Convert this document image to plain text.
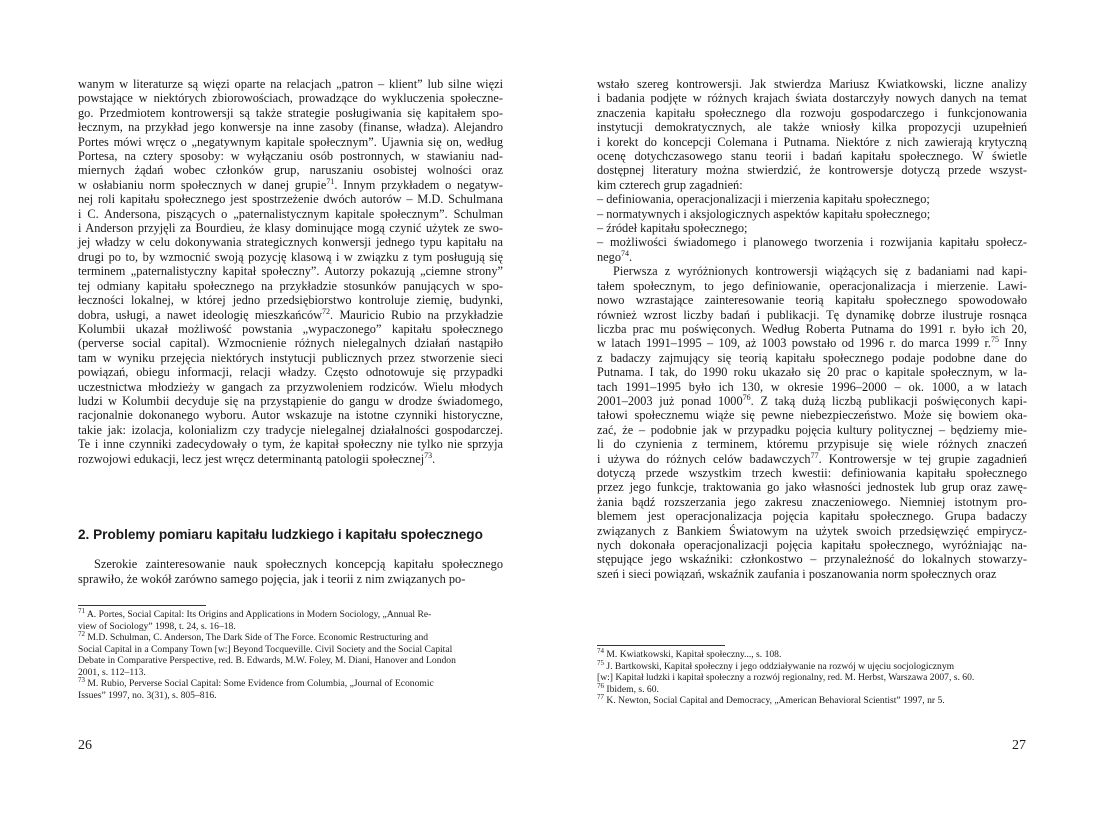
wanym w literaturze są więzi oparte na relacjach „patron – klient” lub silne więzi
powstające w niektórych zbiorowościach, prowadzące do wykluczenia społeczne-
go. Przedmiotem kontrowersji są także strategie posługiwania się kapitałem spo-
łecznym, na przykład jego konwersje na inne zasoby (finanse, władza). Alejandro
Portes mówi wręcz o „negatywnym kapitale społecznym”. Ujawnia się on, według
Portesa, na cztery sposoby: w wyłączaniu osób postronnych, w stawianiu nad-
miernych żądań wobec członków grup, naruszaniu osobistej wolności oraz
w osłabianiu norm społecznych w danej grupie$^{71}$. Innym przykładem o negatyw-
nej roli kapitału społecznego jest spostrzeżenie dwóch autorów – M.D. Schulmana
i C. Andersona, piszących o „paternalistycznym kapitale społecznym”. Schulman
i Anderson przyjęli za Bourdieu, że klasy dominujące mogą czynić użytek ze swo-
jej władzy w celu dokonywania strategicznych konwersji jednego typu kapitału na
drugi po to, by wzmocnić swoją pozycję klasową i w związku z tym posługują się
terminem „paternalistyczny kapitał społeczny”. Autorzy pokazują „ciemne strony”
tej odmiany kapitału społecznego na przykładzie stosunków panujących w spo-
łeczności lokalnej, w której jedno przedsiębiorstwo kontroluje ziemię, budynki,
dobra, usługi, a nawet ideologię mieszkańców$^{72}$. Mauricio Rubio na przykładzie
Kolumbii ukazał możliwość powstania „wypaczonego” kapitału społecznego
(perverse social capital). Wzmocnienie różnych nielegalnych działań nastąpiło
tam w wyniku przejęcia niektórych instytucji publicznych przez stworzenie sieci
powiązań, obiegu informacji, relacji władzy. Często odnotowuje się przypadki
uczestnictwa młodzieży w gangach za przyzwoleniem rodziców. Wielu młodych
ludzi w Kolumbii decyduje się na przystąpienie do gangu w drodze świadomego,
racjonalnie dokonanego wyboru. Autor wskazuje na istotne czynniki historyczne,
takie jak: izolacja, kolonializm czy tradycje nielegalnej działalności gospodarczej.
Te i inne czynniki zadecydowały o tym, że kapitał społeczny nie tylko nie sprzyja
rozwojowi edukacji, lecz jest wręcz determinantą patologii społecznej$^{73}$.
2. Problemy pomiaru kapitału ludzkiego i kapitału społecznego
Szerokie zainteresowanie nauk społecznych koncepcją kapitału społecznego
sprawiło, że wokół zarówno samego pojęcia, jak i teorii z nim związanych po-
$^{71}$ A. Portes, Social Capital: Its Origins and Applications in Modern Sociology, „Annual Re-
view of Sociology” 1998, t. 24, s. 16–18.
$^{72}$ M.D. Schulman, C. Anderson, The Dark Side of The Force. Economic Restructuring and
Social Capital in a Company Town [w:] Beyond Tocqueville. Civil Society and the Social Capital
Debate in Comparative Perspective, red. B. Edwards, M.W. Foley, M. Diani, Hanover and London
2001, s. 112–113.
$^{73}$ M. Rubio, Perverse Social Capital: Some Evidence from Columbia, „Journal of Economic
Issues” 1997, no. 3(31), s. 805–816.
26
wstało szereg kontrowersji. Jak stwierdza Mariusz Kwiatkowski, liczne analizy
i badania podjęte w różnych krajach świata dostarczyły nowych danych na temat
znaczenia kapitału społecznego dla rozwoju gospodarczego i funkcjonowania
instytucji demokratycznych, ale także wniosły kilka propozycji uzupełnień
i korekt do koncepcji Colemana i Putnama. Niektóre z nich zawierają krytyczną
ocenę dotychczasowego stanu teorii i badań kapitału społecznego. W świetle
dostępnej literatury można stwierdzić, że kontrowersje dotyczą przede wszyst-
kim czterech grup zagadnień:
– definiowania, operacjonalizacji i mierzenia kapitału społecznego;
– normatywnych i aksjologicznych aspektów kapitału społecznego;
– źródeł kapitału społecznego;
– możliwości świadomego i planowego tworzenia i rozwijania kapitału społecz-
nego$^{74}$.
Pierwsza z wyróżnionych kontrowersji wiążących się z badaniami nad kapi-
tałem społecznym, to jego definiowanie, operacjonalizacja i mierzenie. Lawi-
nowo wzrastające zainteresowanie teorią kapitału społecznego spowodowało
również wzrost liczby badań i publikacji. Tę dynamikę dobrze ilustruje rosnąca
liczba prac mu poświęconych. Według Roberta Putnama do 1991 r. było ich 20,
w latach 1991–1995 – 109, aż 1003 powstało od 1996 r. do marca 1999 r.$^{75}$ Inny
z badaczy zajmujący się teorią kapitału społecznego podaje podobne dane do
Putnama. I tak, do 1990 roku ukazało się 20 prac o kapitale społecznym, w la-
tach 1991–1995 było ich 130, w okresie 1996–2000 – ok. 1000, a w latach
2001–2003 już ponad 1000$^{76}$. Z taką dużą liczbą publikacji poświęconych kapi-
tałowi społecznemu wiąże się pewne niebezpieczeństwo. Może się bowiem oka-
zać, że – podobnie jak w przypadku pojęcia kultury politycznej – będziemy mie-
li do czynienia z terminem, któremu przypisuje się wiele różnych znaczeń
i używa do różnych celów badawczych$^{77}$. Kontrowersje w tej grupie zagadnień
dotyczą przede wszystkim trzech kwestii: definiowania kapitału społecznego
przez jego funkcje, traktowania go jako własności jednostek lub grup oraz zawę-
żania bądź rozszerzania jego zakresu znaczeniowego. Niemniej istotnym pro-
blemem jest operacjonalizacja pojęcia kapitału społecznego. Grupa badaczy
związanych z Bankiem Światowym na użytek swoich przedsięwzięć empirycz-
nych dokonała operacjonalizacji pojęcia kapitału społecznego, wyróżniając na-
stępujące jego wskaźniki: członkostwo – przynależność do lokalnych stowarzy-
szeń i sieci powiązań, wskaźnik zaufania i poszanowania norm społecznych oraz
$^{74}$ M. Kwiatkowski, Kapitał społeczny..., s. 108.
$^{75}$ J. Bartkowski, Kapitał społeczny i jego oddziaływanie na rozwój w ujęciu socjologicznym
[w:] Kapitał ludzki i kapitał społeczny a rozwój regionalny, red. M. Herbst, Warszawa 2007, s. 60.
$^{76}$ Ibidem, s. 60.
$^{77}$ K. Newton, Social Capital and Democracy, „American Behavioral Scientist” 1997, nr 5.
27
